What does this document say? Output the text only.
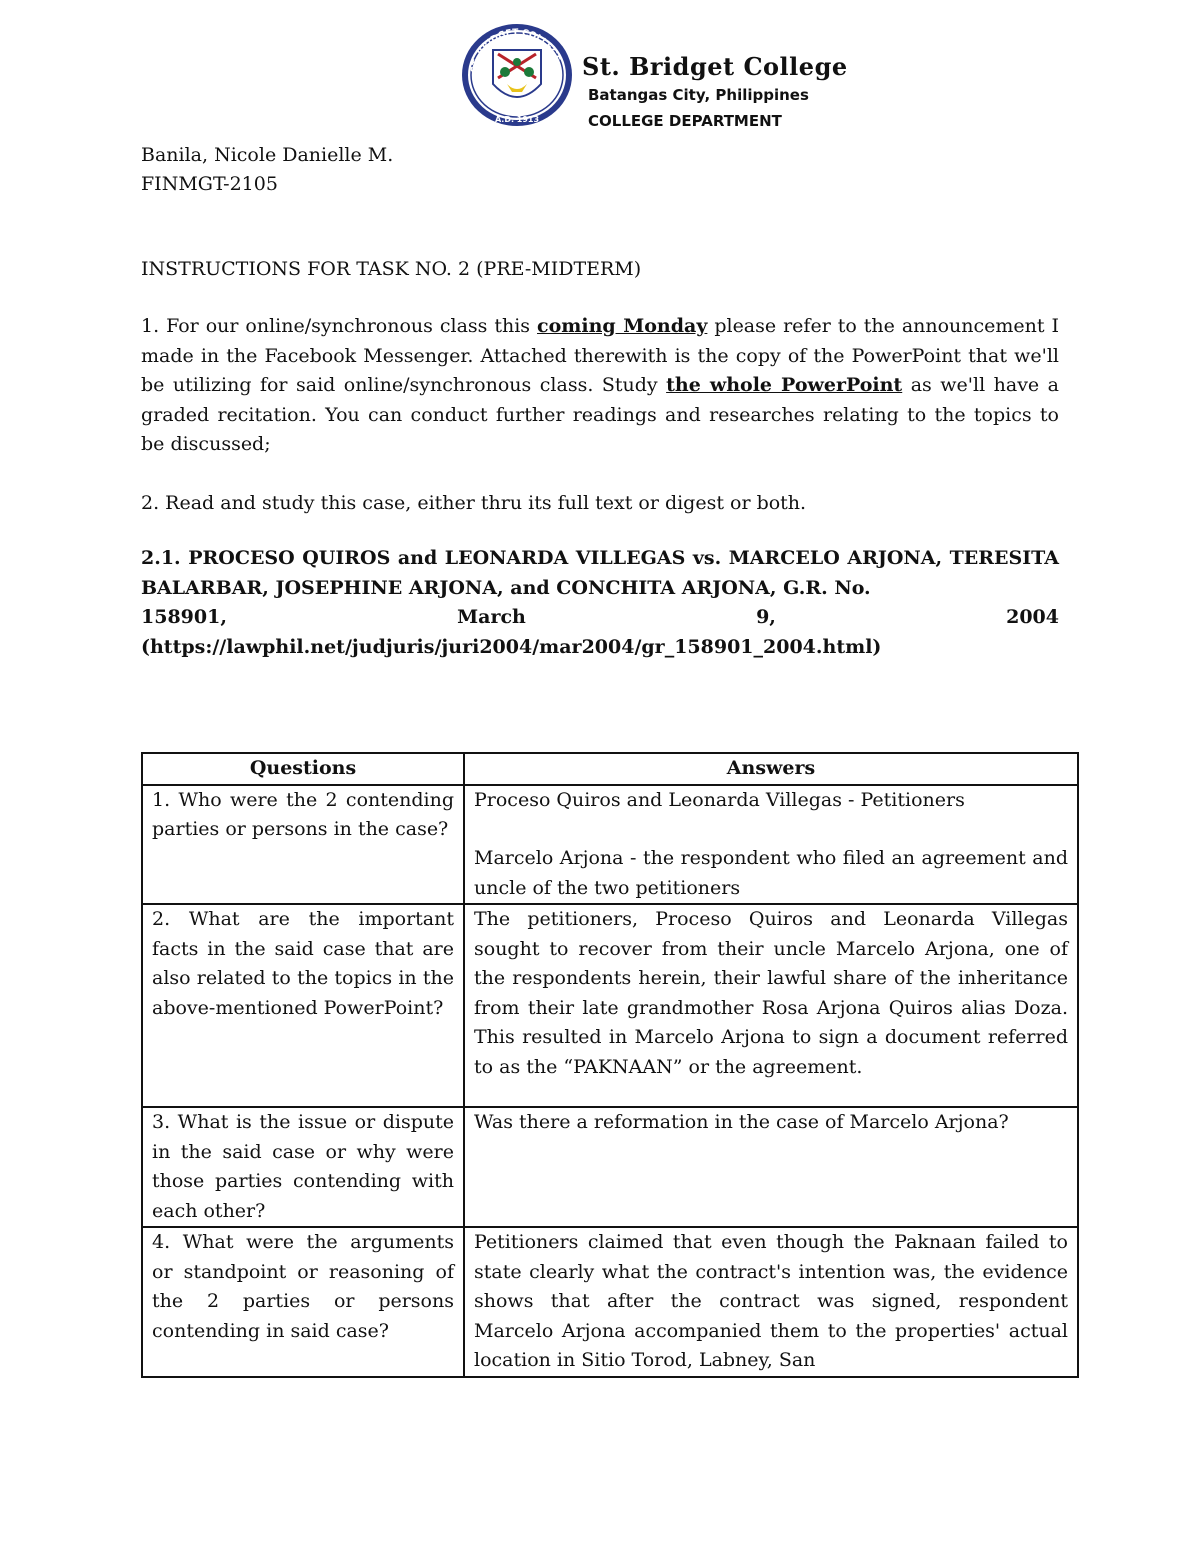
ST. BRIDGET COLLEGE
A.D. 1913
St. Bridget College
Batangas City, Philippines
COLLEGE DEPARTMENT
Banila, Nicole Danielle M.
FINMGT-2105
INSTRUCTIONS FOR TASK NO. 2 (PRE-MIDTERM)
1. For our online/synchronous class this coming Monday please refer to the announcement I made in the Facebook Messenger. Attached therewith is the copy of the PowerPoint that we'll be utilizing for said online/synchronous class. Study the whole PowerPoint as we'll have a graded recitation. You can conduct further readings and researches relating to the topics to be discussed;
2. Read and study this case, either thru its full text or digest or both.
2.1. PROCESO QUIROS and LEONARDA VILLEGAS vs. MARCELO ARJONA, TERESITA BALARBAR, JOSEPHINE ARJONA, and CONCHITA ARJONA, G.R. No.
158901,	March	9,	2004
(https://lawphil.net/judjuris/juri2004/mar2004/gr_158901_2004.html)
Questions	Answers
1. Who were the 2 contending parties or persons in the case?	Proceso Quiros and Leonarda Villegas - Petitioners
Marcelo Arjona - the respondent who filed an agreement and uncle of the two petitioners

2. What are the important facts in the said case that are also related to the topics in the above-mentioned PowerPoint?	The petitioners, Proceso Quiros and Leonarda Villegas sought to recover from their uncle Marcelo Arjona, one of the respondents herein, their lawful share of the inheritance from their late grandmother Rosa Arjona Quiros alias Doza. This resulted in Marcelo Arjona to sign a document referred to as the “PAKNAAN” or the agreement.
3. What is the issue or dispute in the said case or why were those parties contending with each other?	Was there a reformation in the case of Marcelo Arjona?
4. What were the arguments or standpoint or reasoning of the 2 parties or persons contending in said case?	Petitioners claimed that even though the Paknaan failed to state clearly what the contract's intention was, the evidence shows that after the contract was signed, respondent Marcelo Arjona accompanied them to the properties' actual location in Sitio Torod, Labney, San
